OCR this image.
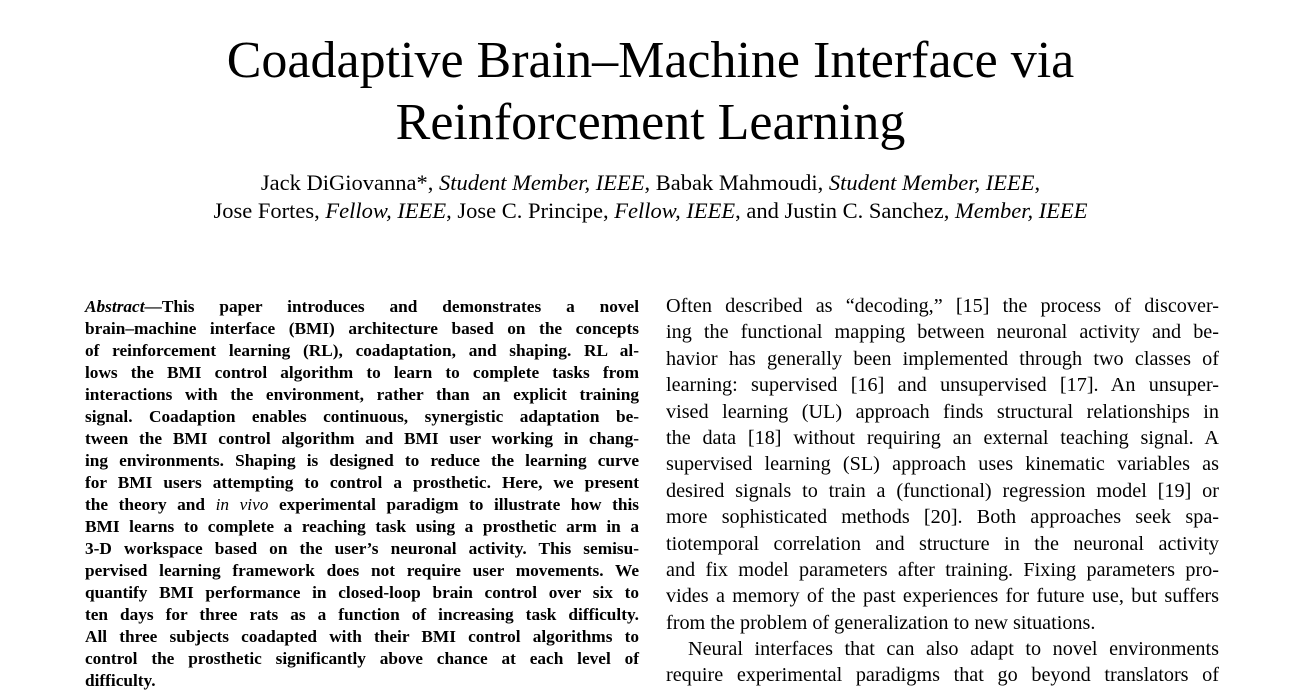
Coadaptive Brain–Machine Interface via
Reinforcement Learning
Jack DiGiovanna*, Student Member, IEEE, Babak Mahmoudi, Student Member, IEEE,
Jose Fortes, Fellow, IEEE, Jose C. Principe, Fellow, IEEE, and Justin C. Sanchez, Member, IEEE
Abstract—This paper introduces and demonstrates a novel
brain–machine interface (BMI) architecture based on the concepts
of reinforcement learning (RL), coadaptation, and shaping. RL al-
lows the BMI control algorithm to learn to complete tasks from
interactions with the environment, rather than an explicit training
signal. Coadaption enables continuous, synergistic adaptation be-
tween the BMI control algorithm and BMI user working in chang-
ing environments. Shaping is designed to reduce the learning curve
for BMI users attempting to control a prosthetic. Here, we present
the theory and in vivo experimental paradigm to illustrate how this
BMI learns to complete a reaching task using a prosthetic arm in a
3-D workspace based on the user’s neuronal activity. This semisu-
pervised learning framework does not require user movements. We
quantify BMI performance in closed-loop brain control over six to
ten days for three rats as a function of increasing task difficulty.
All three subjects coadapted with their BMI control algorithms to
control the prosthetic significantly above chance at each level of
difficulty.
Often described as “decoding,” [15] the process of discover-
ing the functional mapping between neuronal activity and be-
havior has generally been implemented through two classes of
learning: supervised [16] and unsupervised [17]. An unsuper-
vised learning (UL) approach finds structural relationships in
the data [18] without requiring an external teaching signal. A
supervised learning (SL) approach uses kinematic variables as
desired signals to train a (functional) regression model [19] or
more sophisticated methods [20]. Both approaches seek spa-
tiotemporal correlation and structure in the neuronal activity
and fix model parameters after training. Fixing parameters pro-
vides a memory of the past experiences for future use, but suffers
from the problem of generalization to new situations.
Neural interfaces that can also adapt to novel environments
require experimental paradigms that go beyond translators of
